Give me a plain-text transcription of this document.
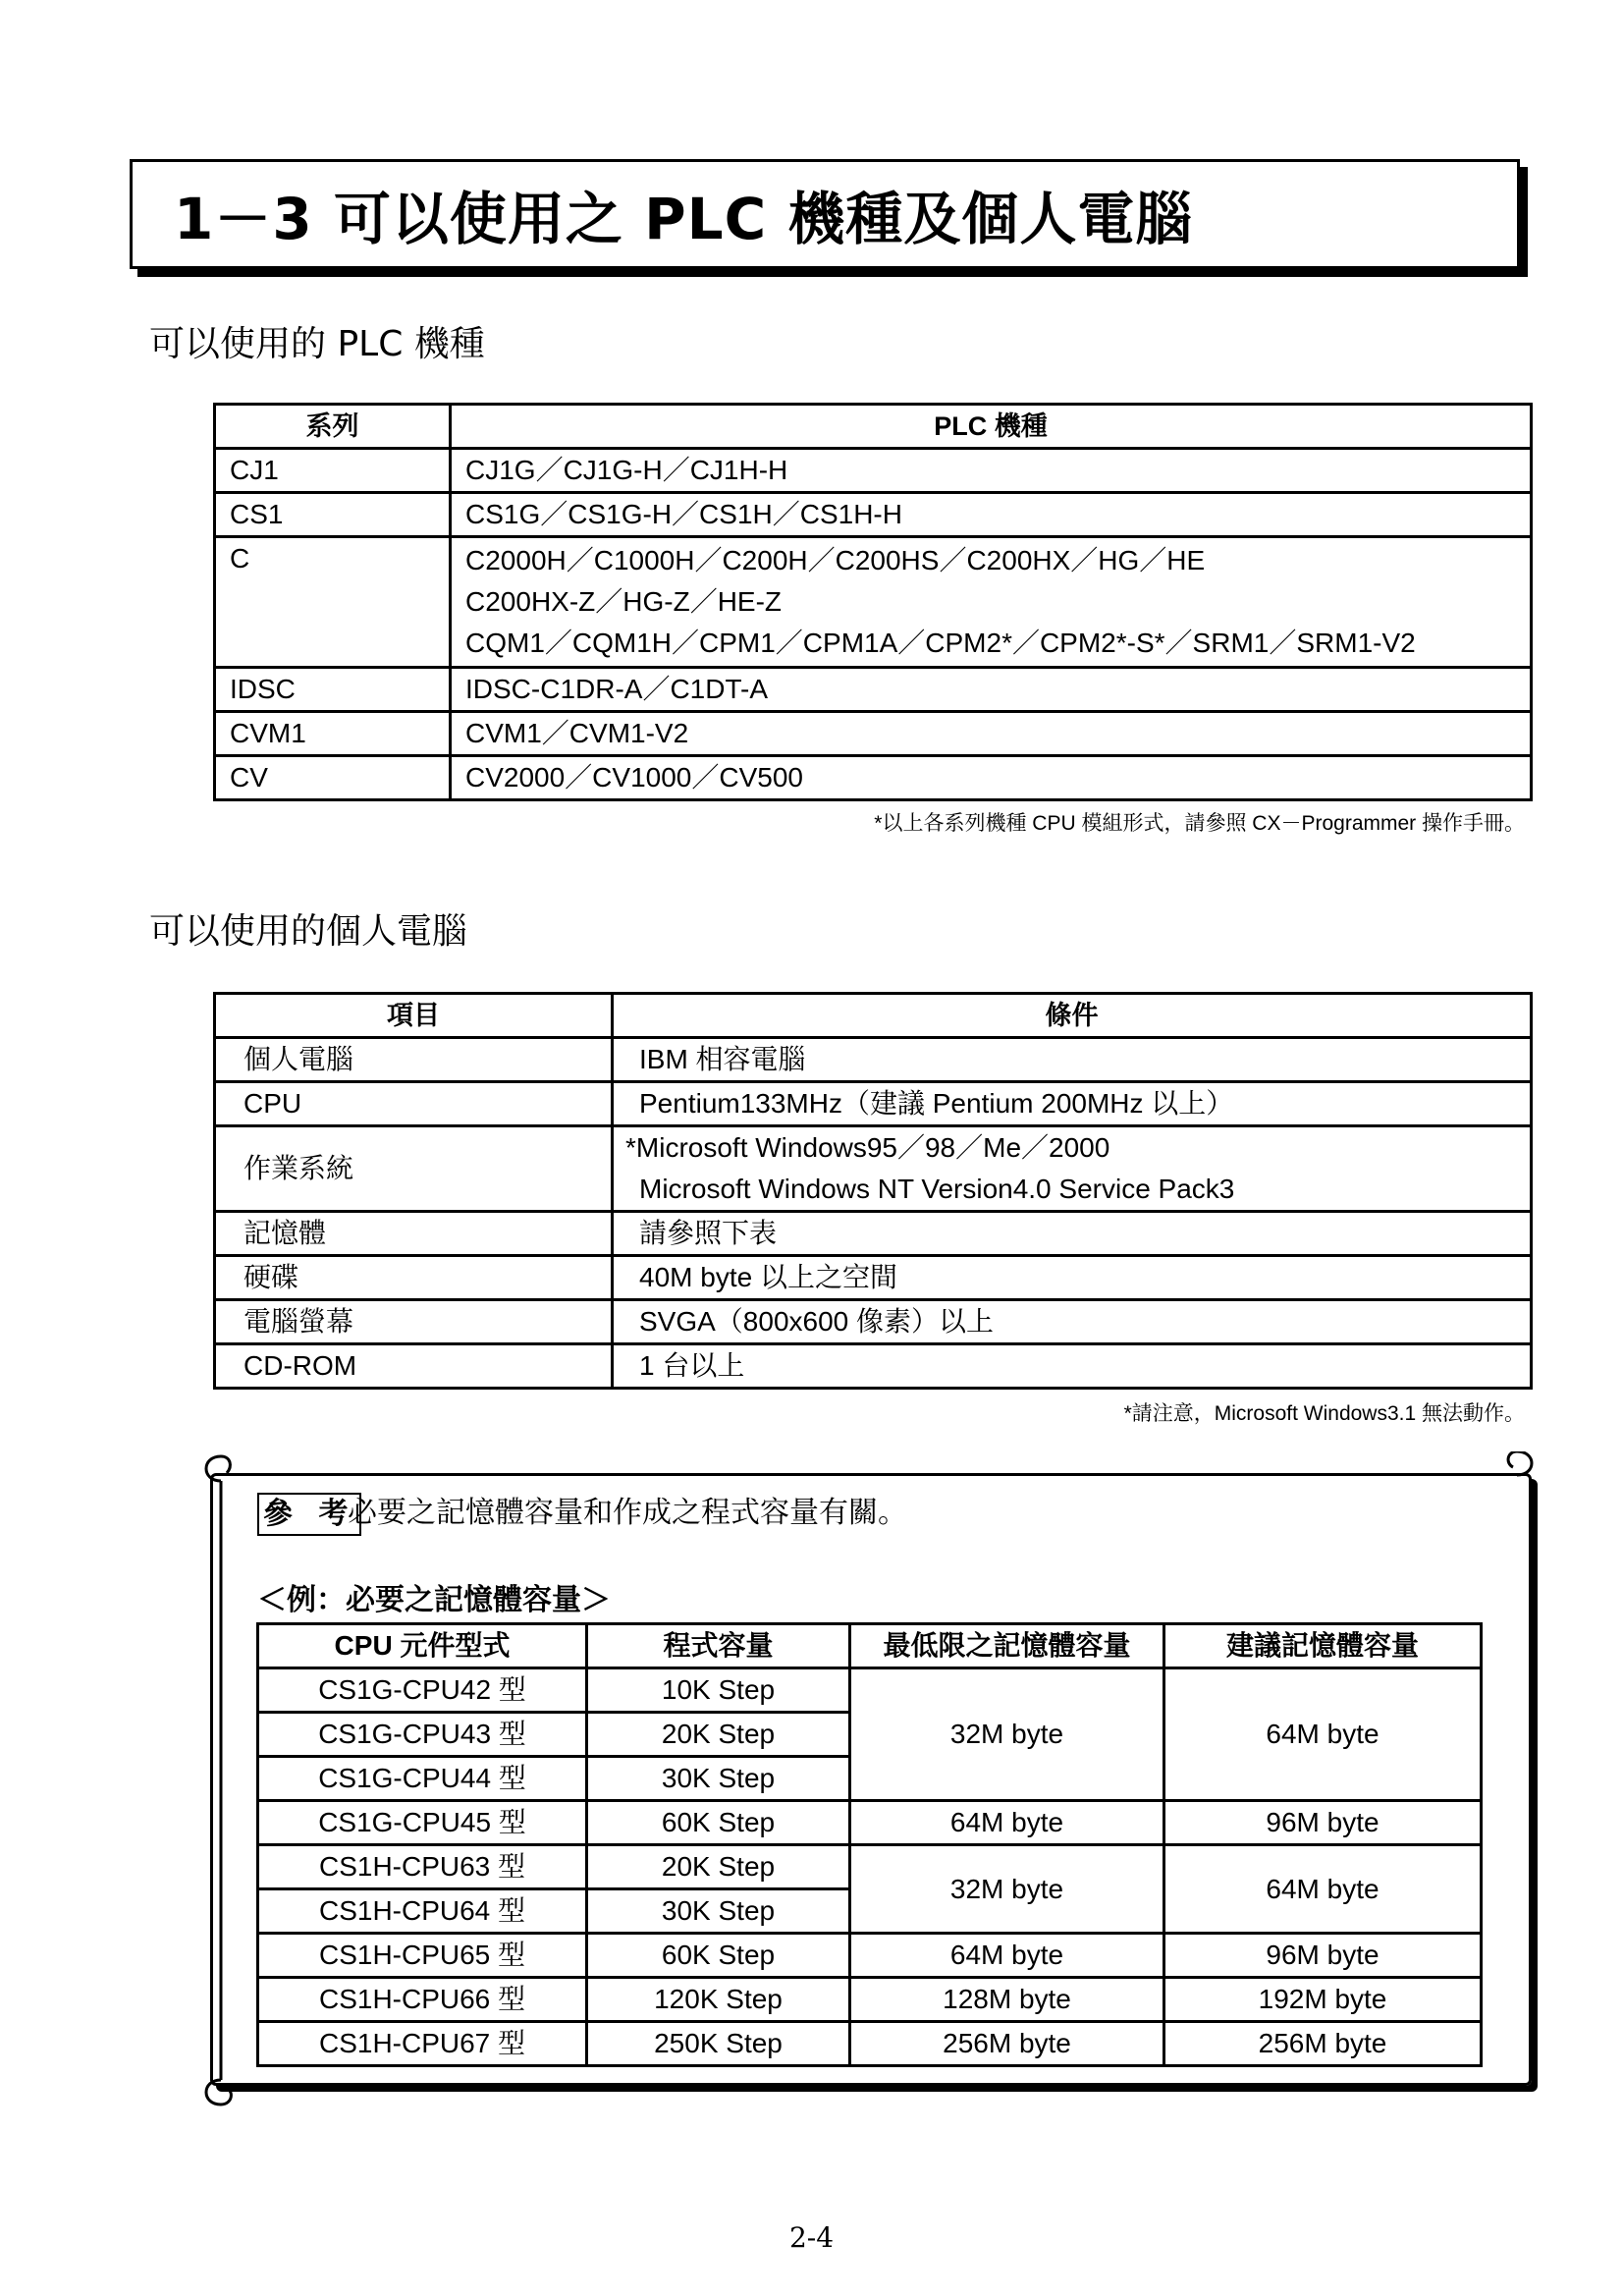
1－3 可以使用之 PLC 機種及個人電腦
可以使用的 PLC 機種
系列	PLC 機種
CJ1	CJ1G／CJ1G-H／CJ1H-H
CS1	CS1G／CS1G-H／CS1H／CS1H-H
C	C2000H／C1000H／C200H／C200HS／C200HX／HG／HE
C200HX-Z／HG-Z／HE-Z
CQM1／CQM1H／CPM1／CPM1A／CPM2*／CPM2*-S*／SRM1／SRM1-V2

IDSC	IDSC-C1DR-A／C1DT-A
CVM1	CVM1／CVM1-V2
CV	CV2000／CV1000／CV500
*以上各系列機種 CPU 模組形式，請參照 CX－Programmer 操作手冊。
可以使用的個人電腦
項目	條件
個人電腦	IBM 相容電腦
CPU	Pentium133MHz（建議 Pentium 200MHz 以上）
作業系統	*Microsoft Windows95／98／Me／2000
Microsoft Windows NT Version4.0 Service Pack3

記憶體	請參照下表
硬碟	40M byte 以上之空間
電腦螢幕	SVGA（800x600 像素）以上
CD-ROM	1 台以上
*請注意，Microsoft Windows3.1 無法動作。
參 考
必要之記憶體容量和作成之程式容量有關。
＜例：必要之記憶體容量＞
CPU 元件型式	程式容量	最低限之記憶體容量	建議記憶體容量
CS1G-CPU42 型	10K Step	32M byte	64M byte
CS1G-CPU43 型	20K Step		
CS1G-CPU44 型	30K Step		
CS1G-CPU45 型	60K Step	64M byte	96M byte
CS1H-CPU63 型	20K Step	32M byte	64M byte
CS1H-CPU64 型	30K Step		
CS1H-CPU65 型	60K Step	64M byte	96M byte
CS1H-CPU66 型	120K Step	128M byte	192M byte
CS1H-CPU67 型	250K Step	256M byte	256M byte
2-4
